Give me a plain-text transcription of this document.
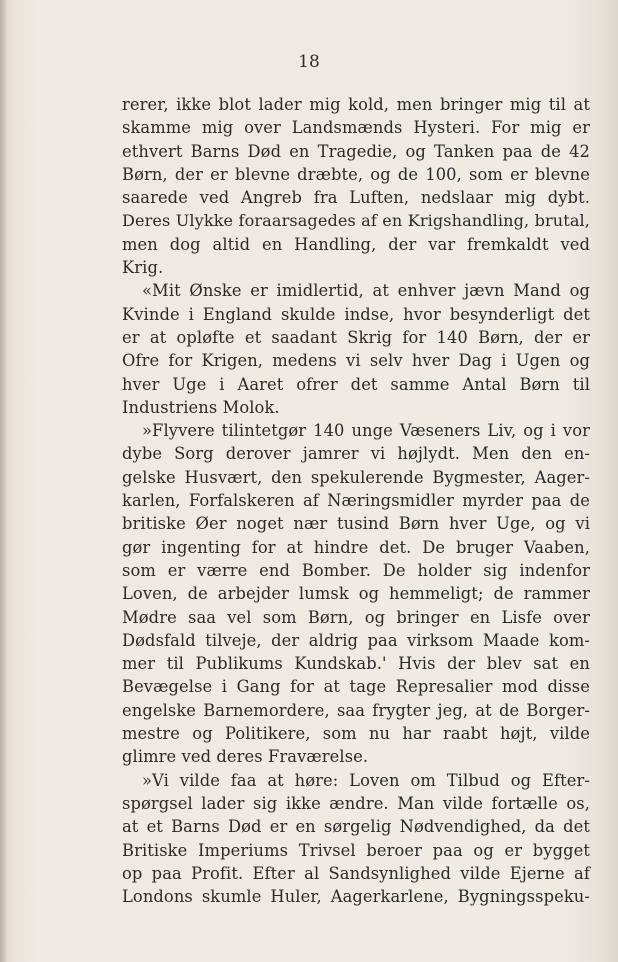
18

rerer, ikke blot lader mig kold, men bringer mig til at
skamme mig over Landsmænds Hysteri. For mig er
ethvert Barns Død en Tragedie, og Tanken paa de 42
Børn, der er blevne dræbte, og de 100, som er blevne
saarede ved Angreb fra Luften, nedslaar mig dybt.
Deres Ulykke foraarsagedes af en Krigshandling, brutal,
men dog altid en Handling, der var fremkaldt ved
Krig.
«Mit Ønske er imidlertid, at enhver jævn Mand og
Kvinde i England skulde indse, hvor besynderligt det
er at opløfte et saadant Skrig for 140 Børn, der er
Ofre for Krigen, medens vi selv hver Dag i Ugen og
hver Uge i Aaret ofrer det samme Antal Børn til
Industriens Molok.
»Flyvere tilintetgør 140 unge Væseners Liv, og i vor
dybe Sorg derover jamrer vi højlydt. Men den en-
gelske Husvært, den spekulerende Bygmester, Aager-
karlen, Forfalskeren af Næringsmidler myrder paa de
britiske Øer noget nær tusind Børn hver Uge, og vi
gør ingenting for at hindre det. De bruger Vaaben,
som er værre end Bomber. De holder sig indenfor
Loven, de arbejder lumsk og hemmeligt; de rammer
Mødre saa vel som Børn, og bringer en Lisfe over
Dødsfald tilveje, der aldrig paa virksom Maade kom-
mer til Publikums Kundskab.' Hvis der blev sat en
Bevægelse i Gang for at tage Represalier mod disse
engelske Barnemordere, saa frygter jeg, at de Borger-
mestre og Politikere, som nu har raabt højt, vilde
glimre ved deres Fraværelse.
»Vi vilde faa at høre: Loven om Tilbud og Efter-
spørgsel lader sig ikke ændre. Man vilde fortælle os,
at et Barns Død er en sørgelig Nødvendighed, da det
Britiske Imperiums Trivsel beroer paa og er bygget
op paa Profit. Efter al Sandsynlighed vilde Ejerne af
Londons skumle Huler, Aagerkarlene, Bygningsspeku-
